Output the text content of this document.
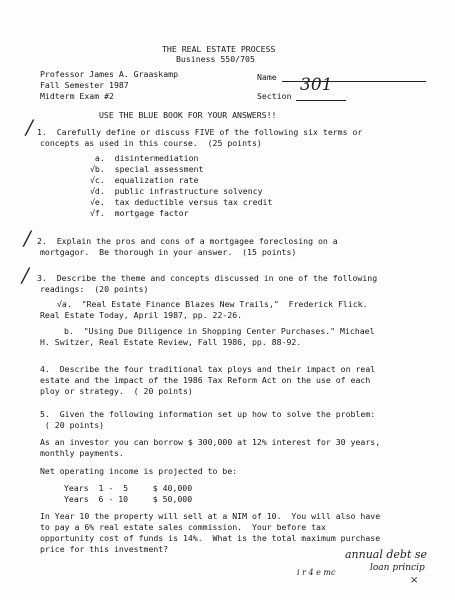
THE REAL ESTATE PROCESS
Business 550/705
Professor James A. Graaskamp
Fall Semester 1987
Midterm Exam #2
Name
Section
301
USE THE BLUE BOOK FOR YOUR ANSWERS!!
/ 1.  Carefully define or discuss FIVE of the following six terms or
concepts as used in this course.  (25 points)
a.  disintermediation
√b.  special assessment
√c.  equalization rate
√d.  public infrastructure solvency
√e.  tax deductible versus tax credit
√f.  mortgage factor
/ 2.  Explain the pros and cons of a mortgagee foreclosing on a
mortgagor.  Be thorough in your answer.  (15 points)
/ 3.  Describe the theme and concepts discussed in one of the following
readings:  (20 points)
√a.  "Real Estate Finance Blazes New Trails,"  Frederick Flick.
Real Estate Today, April 1987, pp. 22-26.
b.  "Using Due Diligence in Shopping Center Purchases." Michael
H. Switzer, Real Estate Review, Fall 1986, pp. 88-92.
4.  Describe the four traditional tax ploys and their impact on real
estate and the impact of the 1986 Tax Reform Act on the use of each
ploy or strategy.  ( 20 points)
5.  Given the following information set up how to solve the problem:
( 20 points)
As an investor you can borrow $ 300,000 at 12% interest for 30 years,
monthly payments.
Net operating income is projected to be:
Years  1 -  5     $ 40,000
Years  6 - 10     $ 50,000
In Year 10 the property will sell at a NIM of 10.  You will also have
to pay a 6% real estate sales commission.  Your before tax
opportunity cost of funds is 14%.  What is the total maximum purchase
price for this investment?	annual debt se
loan princip
i r 4 e mc
×
